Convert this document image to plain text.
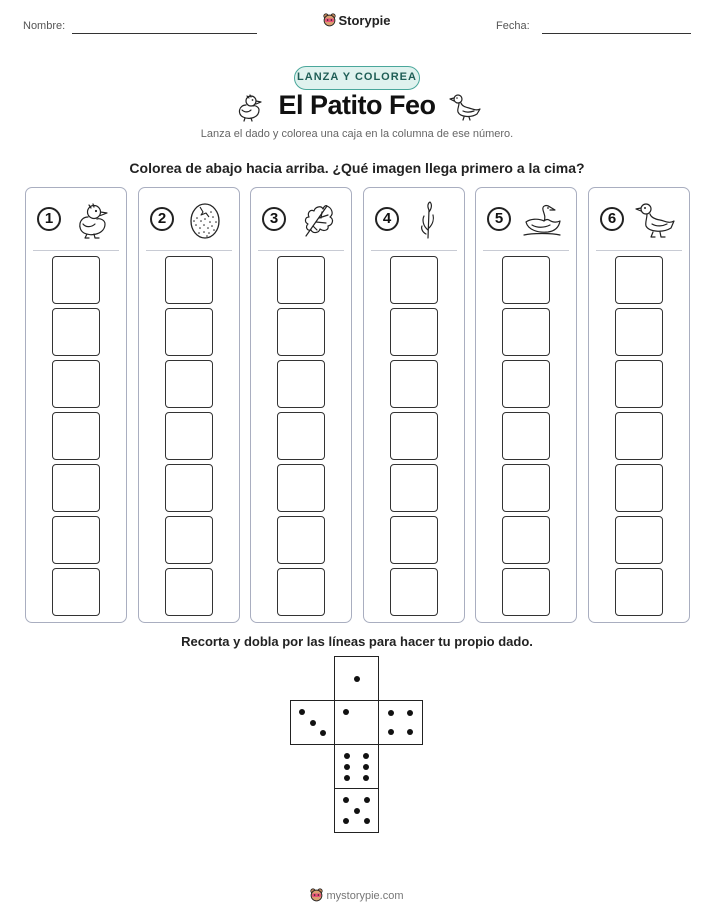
Nombre:	Fecha:
Storypie
LANZA Y COLOREA
El Patito Feo
Lanza el dado y colorea una caja en la columna de ese número.
Colorea de abajo hacia arriba. ¿Qué imagen llega primero a la cima?
1	2	3	4	5	6
Recorta y dobla por las líneas para hacer tu propio dado.
mystorypie.com
